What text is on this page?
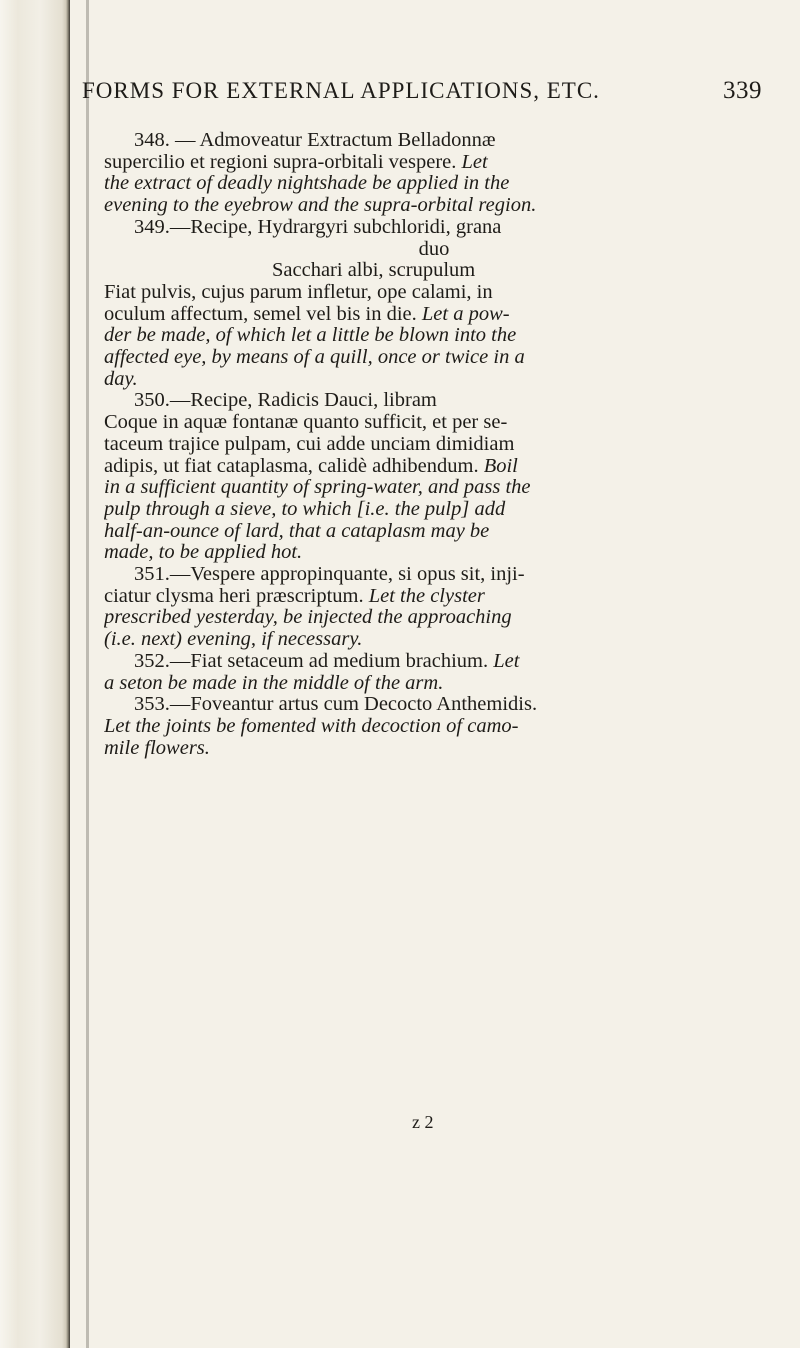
FORMS FOR EXTERNAL APPLICATIONS, ETC.	339
348. — Admoveatur Extractum Belladonnæ
supercilio et regioni supra-orbitali vespere. Let
the extract of deadly nightshade be applied in the
evening to the eyebrow and the supra-orbital region.
349.—Recipe, Hydrargyri subchloridi, grana
duo
Sacchari albi, scrupulum
Fiat pulvis, cujus parum infletur, ope calami, in
oculum affectum, semel vel bis in die. Let a pow-
der be made, of which let a little be blown into the
affected eye, by means of a quill, once or twice in a
day.
350.—Recipe, Radicis Dauci, libram
Coque in aquæ fontanæ quanto sufficit, et per se-
taceum trajice pulpam, cui adde unciam dimidiam
adipis, ut fiat cataplasma, calidè adhibendum. Boil
in a sufficient quantity of spring-water, and pass the
pulp through a sieve, to which [i.e. the pulp] add
half-an-ounce of lard, that a cataplasm may be
made, to be applied hot.
351.—Vespere appropinquante, si opus sit, inji-
ciatur clysma heri præscriptum. Let the clyster
prescribed yesterday, be injected the approaching
(i.e. next) evening, if necessary.
352.—Fiat setaceum ad medium brachium. Let
a seton be made in the middle of the arm.
353.—Foveantur artus cum Decocto Anthemidis.
Let the joints be fomented with decoction of camo-
mile flowers.
z 2
